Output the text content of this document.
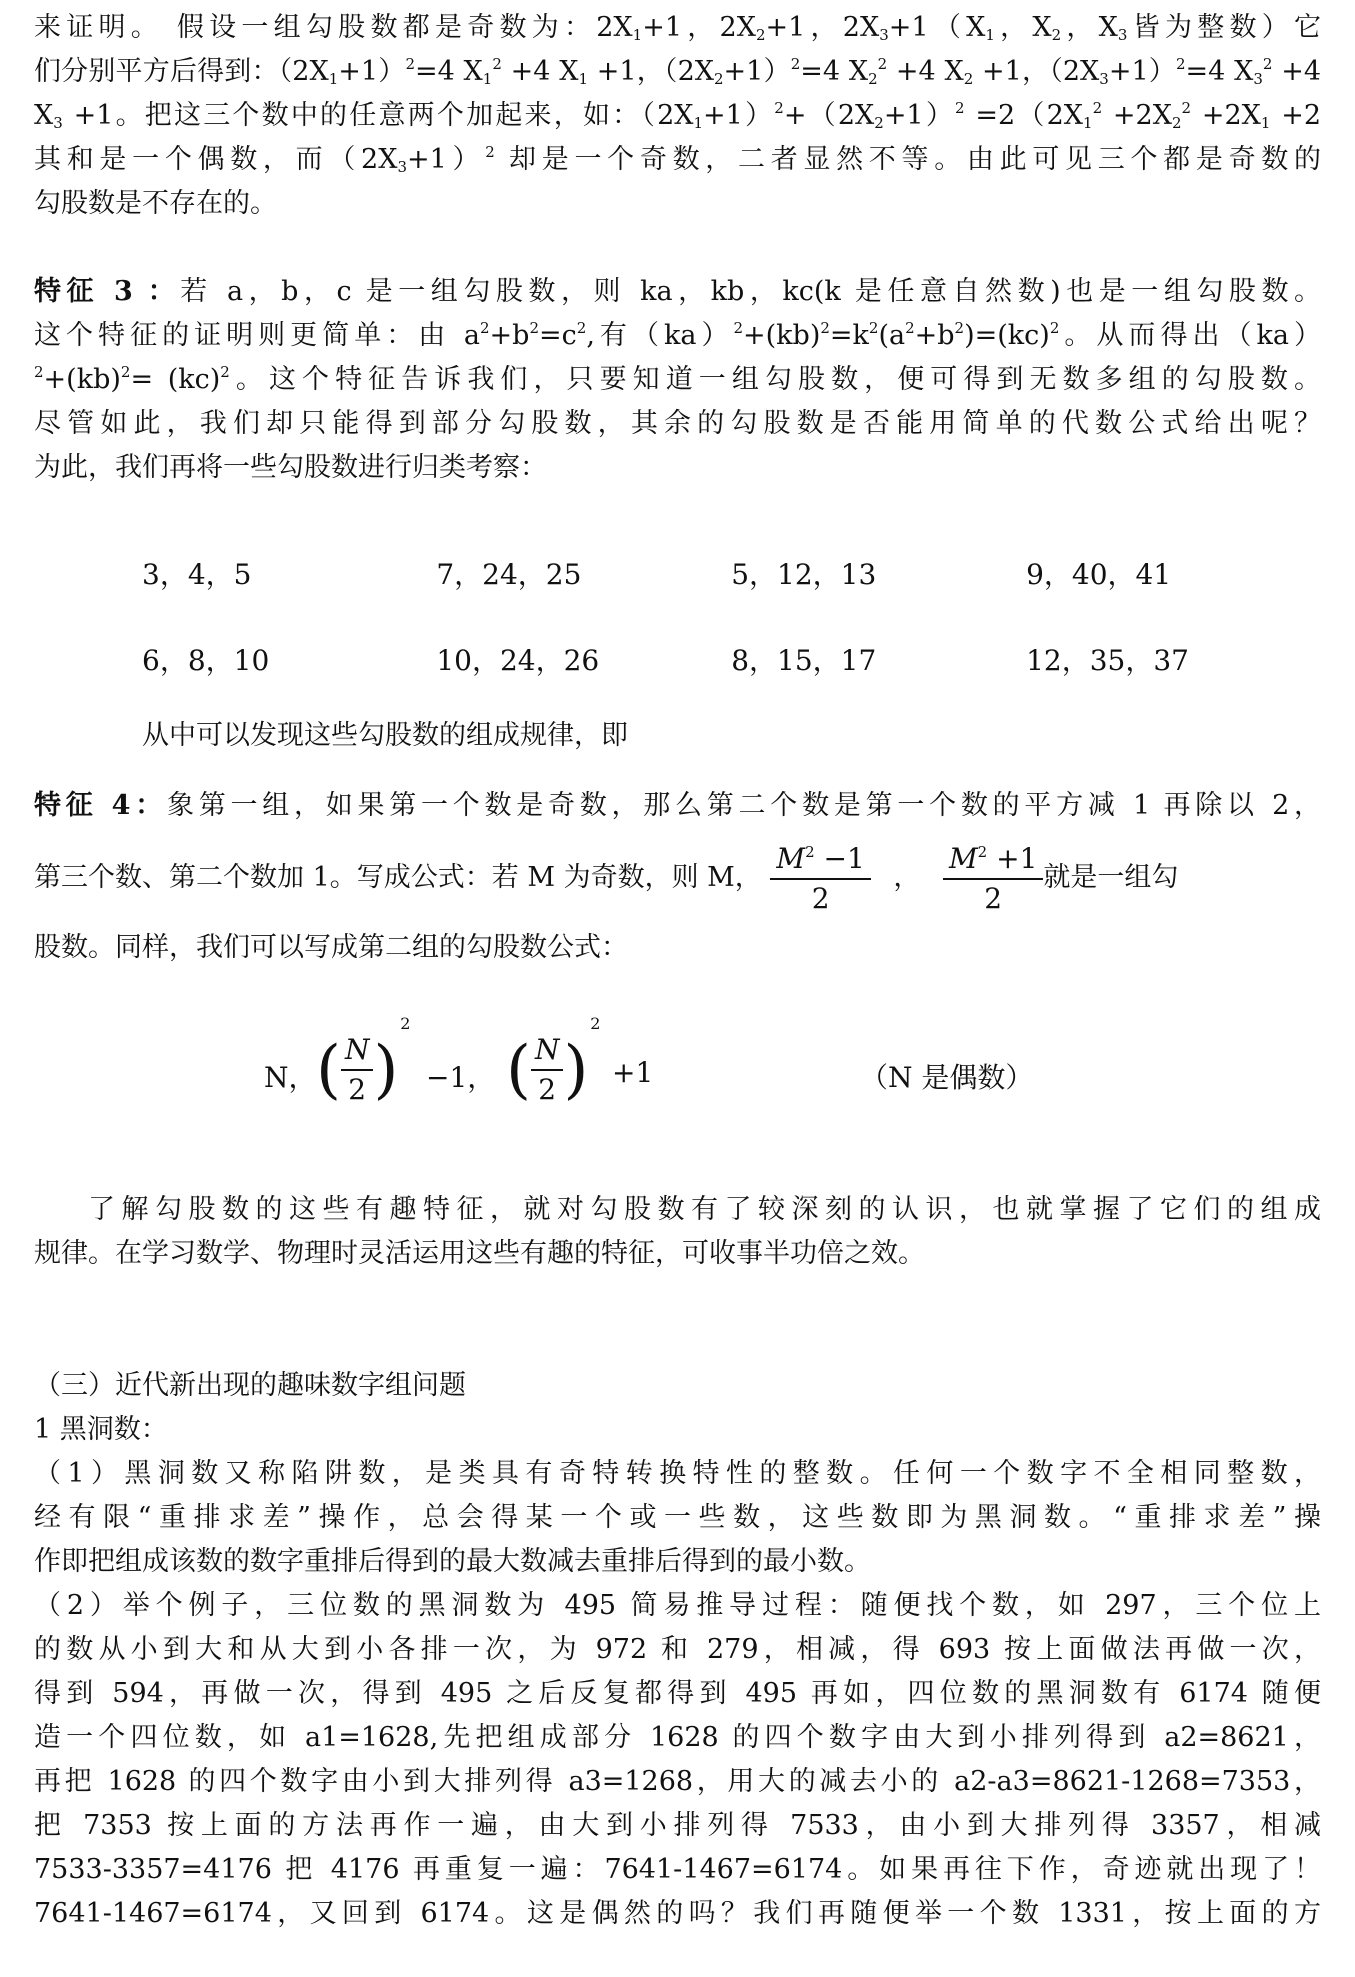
来证明。 假设一组勾股数都是奇数为：$2X_1+1$，$2X_2+1$，$2X_3+1(X_1$，$X_2$，$X_3$皆为整数）它
们分别平方后得到：$(2X_1+1)^2=4$ $X_1^2 +4$ $X_1 +1$，$(2X_2+1)^2=4$ $X_2^2 +4$ $X_2 +1$，$(2X_3+1)^2=4$ $X_3^2 +4$
$X_3 +1$。把这三个数中的任意两个加起来，如：$(2X_1+1)^2+(2X_2+1)^2 =2(2X_1^2 +2X_2^2 +2X_1 +2$
其和是一个偶数，而$(2X_3+1)^2$ 却是一个奇数，二者显然不等。由此可见三个都是奇数的
勾股数是不存在的。
特征 3 ：若 a，b，c 是一组勾股数，则 ka，kb，kc(k 是任意自然数)也是一组勾股数。
这个特征的证明则更简单：由 $a^2+b^2=c^2$,有$(ka)^2+(kb)^2=k^2(a^2+b^2)=(kc)^2$。从而得出（ka）
$^2$+(kb)$^2$= (kc)$^2$。这个特征告诉我们，只要知道一组勾股数，便可得到无数多组的勾股数。
尽管如此，我们却只能得到部分勾股数，其余的勾股数是否能用简单的代数公式给出呢？
为此，我们再将一些勾股数进行归类考察：
3，4，5	7，24，25	5，12，13	9，40，41
6，8，10	10，24，26	8，15，17	12，35，37
从中可以发现这些勾股数的组成规律，即
特征 4：象第一组，如果第一个数是奇数，那么第二个数是第一个数的平方减 1 再除以 2，
第三个数、第二个数加 1。写成公式：若 M 为奇数，则 M， $\frac{M^2 -1}{2}$ ， $\frac{M^2 +1}{2}$ 就是一组勾
股数。同样，我们可以写成第二组的勾股数公式：
N， ( $\frac{N}{2}$ )
2
−1， ( $\frac{N}{2}$ )
2
+1	（N 是偶数）
了解勾股数的这些有趣特征，就对勾股数有了较深刻的认识，也就掌握了它们的组成
规律。在学习数学、物理时灵活运用这些有趣的特征，可收事半功倍之效。
（三）近代新出现的趣味数字组问题
1 黑洞数：
（1）黑洞数又称陷阱数，是类具有奇特转换特性的整数。任何一个数字不全相同整数，
经有限“重排求差”操作，总会得某一个或一些数，这些数即为黑洞数。“重排求差”操
作即把组成该数的数字重排后得到的最大数减去重排后得到的最小数。
（2）举个例子，三位数的黑洞数为 495 简易推导过程：随便找个数，如 297，三个位上
的数从小到大和从大到小各排一次，为 972 和 279，相减，得 693 按上面做法再做一次，
得到 594，再做一次，得到 495 之后反复都得到 495 再如，四位数的黑洞数有 6174 随便
造一个四位数，如 a1=1628,先把组成部分 1628 的四个数字由大到小排列得到 a2=8621，
再把 1628 的四个数字由小到大排列得 a3=1268，用大的减去小的 a2-a3=8621-1268=7353，
把 7353 按上面的方法再作一遍，由大到小排列得 7533，由小到大排列得 3357，相减
7533-3357=4176 把 4176 再重复一遍：7641-1467=6174。如果再往下作，奇迹就出现了！
7641-1467=6174，又回到 6174。这是偶然的吗？我们再随便举一个数 1331，按上面的方
